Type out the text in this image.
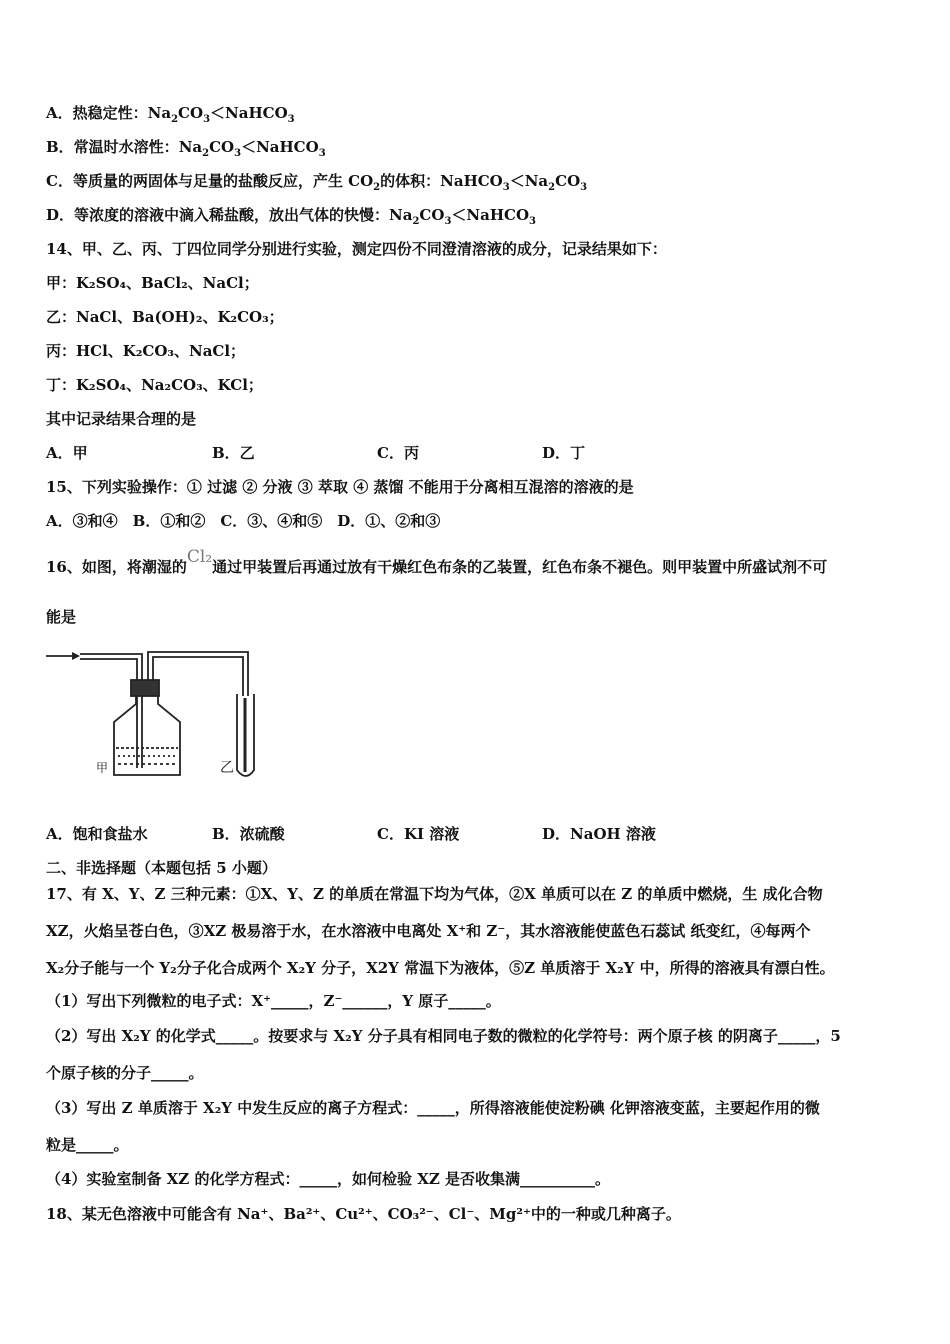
A．热稳定性：$Na_2CO_3<NaHCO_3$
B．常温时水溶性：$Na_2CO_3<NaHCO_3$
C．等质量的两固体与足量的盐酸反应，产生 $CO_2$的体积：$NaHCO_3<Na_2CO_3$
D．等浓度的溶液中滴入稀盐酸，放出气体的快慢：$Na_2CO_3<NaHCO_3$
14、甲、乙、丙、丁四位同学分别进行实验，测定四份不同澄清溶液的成分，记录结果如下：
甲：K₂SO₄、BaCl₂、NaCl；
乙：NaCl、Ba(OH)₂、K₂CO₃；
丙：HCl、K₂CO₃、NaCl；
丁：K₂SO₄、Na₂CO₃、KCl；
其中记录结果合理的是
A．甲	B．乙	C．丙	D．丁
15、下列实验操作：① 过滤 ② 分液 ③ 萃取 ④ 蒸馏 不能用于分离相互混溶的溶液的是
A．③和④　B．①和②　C．③、④和⑤　D．①、②和③
16、如图，将潮湿的Cl₂通过甲装置后再通过放有干燥红色布条的乙装置，红色布条不褪色。则甲装置中所盛试剂不可
能是
甲	乙
A．饱和食盐水	B．浓硫酸	C．KI 溶液	D．NaOH 溶液
二、非选择题（本题包括 5 小题）
17、有 X、Y、Z 三种元素：①X、Y、Z 的单质在常温下均为气体，②X 单质可以在 Z 的单质中燃烧，生 成化合物
XZ，火焰呈苍白色，③XZ 极易溶于水，在水溶液中电离处 X⁺和 Z⁻，其水溶液能使蓝色石蕊试 纸变红，④每两个
X₂分子能与一个 Y₂分子化合成两个 X₂Y 分子，X2Y 常温下为液体，⑤Z 单质溶于 X₂Y 中，所得的溶液具有漂白性。
（1）写出下列微粒的电子式：X⁺_____，Z⁻______，Y 原子_____。
（2）写出 X₂Y 的化学式_____。按要求与 X₂Y 分子具有相同电子数的微粒的化学符号：两个原子核 的阴离子_____，5
个原子核的分子_____。
（3）写出 Z 单质溶于 X₂Y 中发生反应的离子方程式：_____，所得溶液能使淀粉碘 化钾溶液变蓝，主要起作用的微
粒是_____。
（4）实验室制备 XZ 的化学方程式：_____，如何检验 XZ 是否收集满__________。
18、某无色溶液中可能含有 Na⁺、Ba²⁺、Cu²⁺、CO₃²⁻、Cl⁻、Mg²⁺中的一种或几种离子。
